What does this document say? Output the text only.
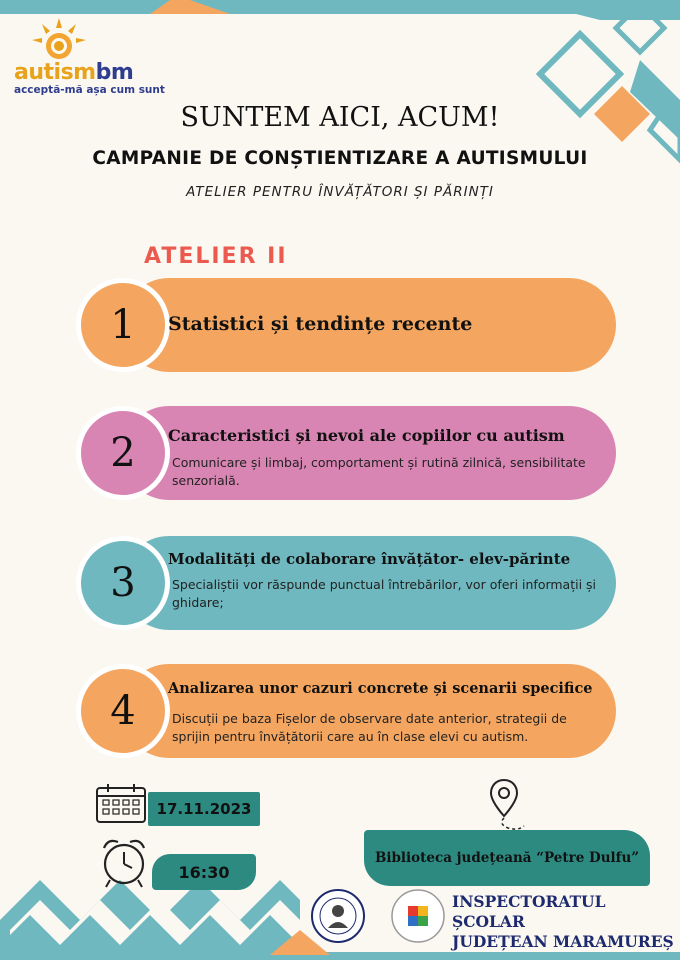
autismbm
acceptă-mă așa cum sunt
SUNTEM AICI, ACUM!
CAMPANIE DE CONȘTIENTIZARE A AUTISMULUI
ATELIER PENTRU ÎNVĂȚĂTORI ȘI PĂRINȚI
ATELIER II
1	Statistici și tendințe recente
2	Caracteristici și nevoi ale copiilor cu autism
Comunicare și limbaj, comportament și rutină zilnică, sensibilitate senzorială.
3
Modalități de colaborare învățător- elev-părinte
Specialiștii vor răspunde punctual întrebărilor, vor oferi informații și ghidare;
4	Analizarea unor cazuri concrete și scenarii specifice
Discuții pe baza Fișelor de observare date anterior, strategii de sprijin pentru învățătorii care au în clase elevi cu autism.
17.11.2023
16:30
Biblioteca județeană “Petre Dulfu”
INSPECTORATUL ȘCOLAR
JUDEȚEAN MARAMUREȘ
